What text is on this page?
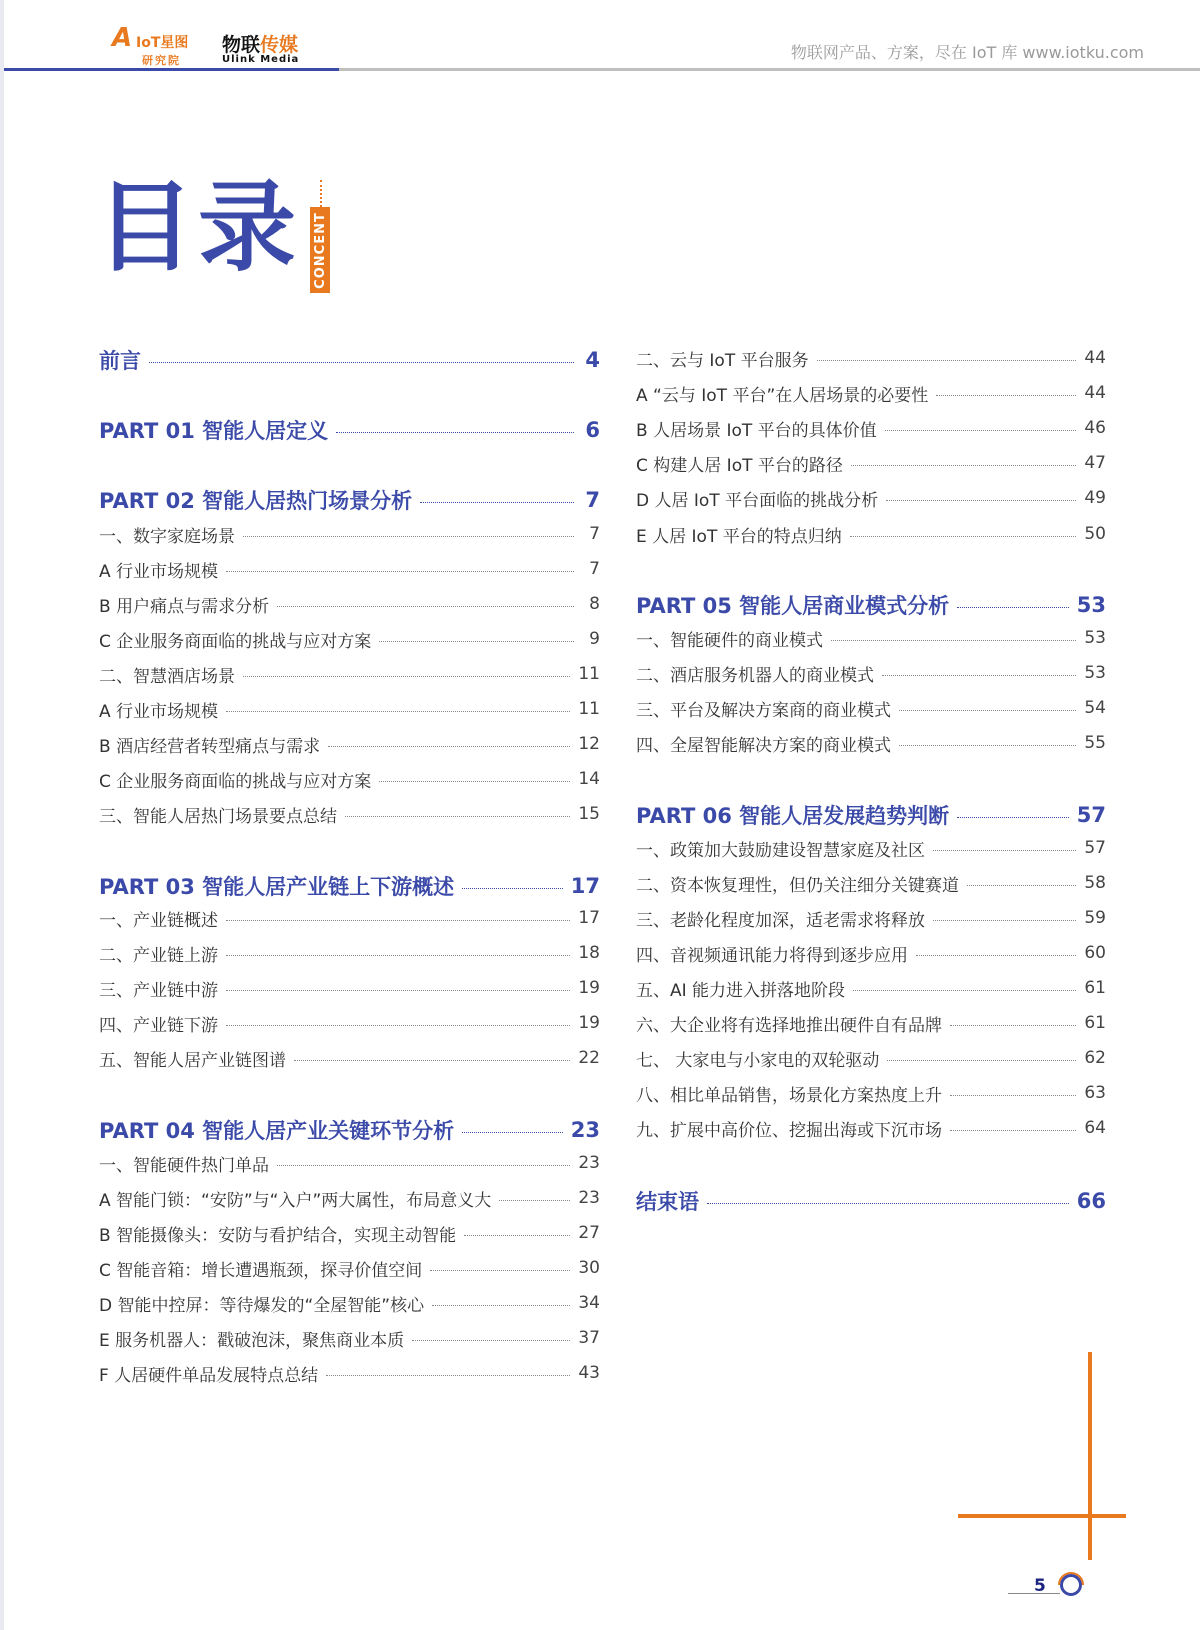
A IoT星图
研究院
物联传媒
Ulink Media	物联网产品、方案，尽在 IoT 库 www.iotku.com
目录 CONCENT
前言	4
PART 01 智能人居定义	6
PART 02 智能人居热门场景分析	7
一、数字家庭场景	7
A 行业市场规模	7
B 用户痛点与需求分析	8
C 企业服务商面临的挑战与应对方案	9
二、智慧酒店场景	11
A 行业市场规模	11
B 酒店经营者转型痛点与需求	12
C 企业服务商面临的挑战与应对方案	14
三、智能人居热门场景要点总结	15
PART 03 智能人居产业链上下游概述	17
一、产业链概述	17
二、产业链上游	18
三、产业链中游	19
四、产业链下游	19
五、智能人居产业链图谱	22
PART 04 智能人居产业关键环节分析	23
一、智能硬件热门单品	23
A 智能门锁：“安防”与“入户”两大属性，布局意义大	23
B 智能摄像头：安防与看护结合，实现主动智能	27
C 智能音箱：增长遭遇瓶颈，探寻价值空间	30
D 智能中控屏：等待爆发的“全屋智能”核心	34
E 服务机器人：戳破泡沫，聚焦商业本质	37
F 人居硬件单品发展特点总结	43
二、云与 IoT 平台服务	44
A “云与 IoT 平台”在人居场景的必要性	44
B 人居场景 IoT 平台的具体价值	46
C 构建人居 IoT 平台的路径	47
D 人居 IoT 平台面临的挑战分析	49
E 人居 IoT 平台的特点归纳	50
PART 05 智能人居商业模式分析	53
一、智能硬件的商业模式	53
二、酒店服务机器人的商业模式	53
三、平台及解决方案商的商业模式	54
四、全屋智能解决方案的商业模式	55
PART 06 智能人居发展趋势判断	57
一、政策加大鼓励建设智慧家庭及社区	57
二、资本恢复理性，但仍关注细分关键赛道	58
三、老龄化程度加深，适老需求将释放	59
四、音视频通讯能力将得到逐步应用	60
五、AI 能力进入拼落地阶段	61
六、大企业将有选择地推出硬件自有品牌	61
七、 大家电与小家电的双轮驱动	62
八、相比单品销售，场景化方案热度上升	63
九、扩展中高价位、挖掘出海或下沉市场	64
结束语	66
5
